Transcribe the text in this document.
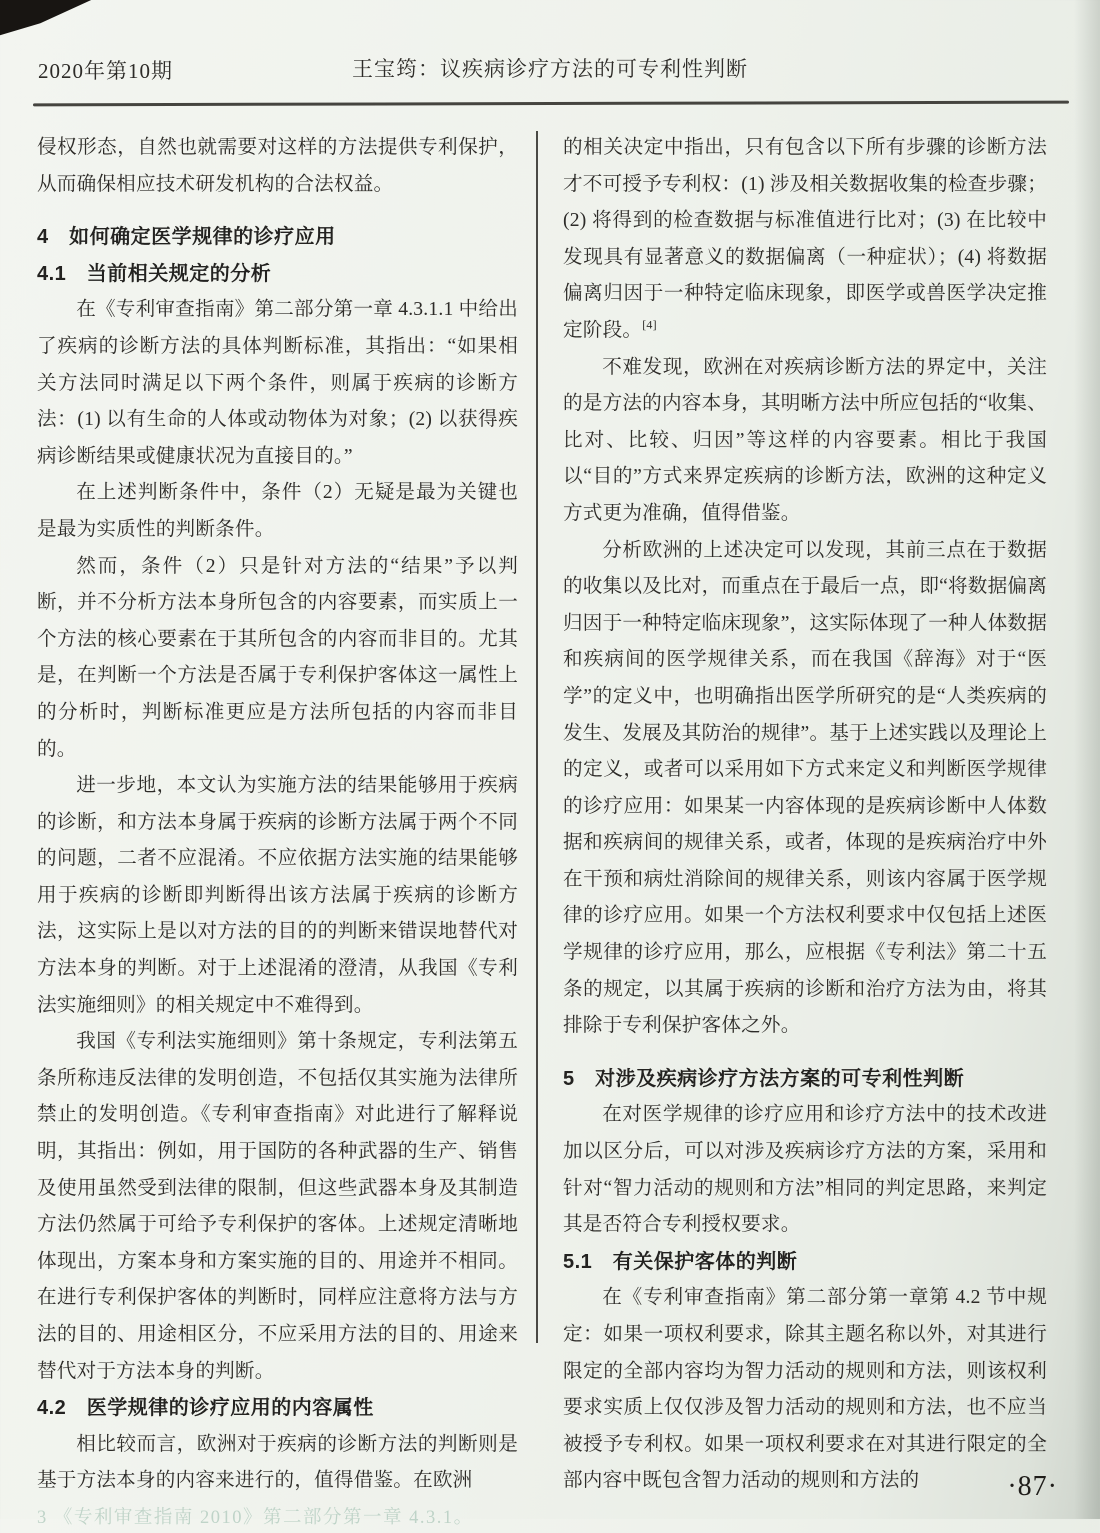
2020年第10期	王宝筠：议疾病诊疗方法的可专利性判断

侵权形态，自然也就需要对这样的方法提供专利保护，从而确保相应技术研发机构的合法权益。

4　如何确定医学规律的诊疗应用

4.1　当前相关规定的分析

在《专利审查指南》第二部分第一章 4.3.1.1 中给出了疾病的诊断方法的具体判断标准，其指出：“如果相关方法同时满足以下两个条件，则属于疾病的诊断方法：(1) 以有生命的人体或动物体为对象；(2) 以获得疾病诊断结果或健康状况为直接目的。”

在上述判断条件中，条件（2）无疑是最为关键也是最为实质性的判断条件。

然而，条件（2）只是针对方法的“结果”予以判断，并不分析方法本身所包含的内容要素，而实质上一个方法的核心要素在于其所包含的内容而非目的。尤其是，在判断一个方法是否属于专利保护客体这一属性上的分析时，判断标准更应是方法所包括的内容而非目的。

进一步地，本文认为实施方法的结果能够用于疾病的诊断，和方法本身属于疾病的诊断方法属于两个不同的问题，二者不应混淆。不应依据方法实施的结果能够用于疾病的诊断即判断得出该方法属于疾病的诊断方法，这实际上是以对方法的目的的判断来错误地替代对方法本身的判断。对于上述混淆的澄清，从我国《专利法实施细则》的相关规定中不难得到。

我国《专利法实施细则》第十条规定，专利法第五条所称违反法律的发明创造，不包括仅其实施为法律所禁止的发明创造。《专利审查指南》对此进行了解释说明，其指出：例如，用于国防的各种武器的生产、销售及使用虽然受到法律的限制，但这些武器本身及其制造方法仍然属于可给予专利保护的客体。上述规定清晰地体现出，方案本身和方案实施的目的、用途并不相同。在进行专利保护客体的判断时，同样应注意将方法与方法的目的、用途相区分，不应采用方法的目的、用途来替代对于方法本身的判断。

4.2　医学规律的诊疗应用的内容属性

相比较而言，欧洲对于疾病的诊断方法的判断则是基于方法本身的内容来进行的，值得借鉴。在欧洲

3 《专利审查指南 2010》第二部分第一章 4.3.1。

的相关决定中指出，只有包含以下所有步骤的诊断方法才不可授予专利权：(1) 涉及相关数据收集的检查步骤；(2) 将得到的检查数据与标准值进行比对；(3) 在比较中发现具有显著意义的数据偏离（一种症状）；(4) 将数据偏离归因于一种特定临床现象，即医学或兽医学决定推定阶段。[4]

不难发现，欧洲在对疾病诊断方法的界定中，关注的是方法的内容本身，其明晰方法中所应包括的“收集、比对、比较、归因”等这样的内容要素。相比于我国以“目的”方式来界定疾病的诊断方法，欧洲的这种定义方式更为准确，值得借鉴。

分析欧洲的上述决定可以发现，其前三点在于数据的收集以及比对，而重点在于最后一点，即“将数据偏离归因于一种特定临床现象”，这实际体现了一种人体数据和疾病间的医学规律关系，而在我国《辞海》对于“医学”的定义中，也明确指出医学所研究的是“人类疾病的发生、发展及其防治的规律”。基于上述实践以及理论上的定义，或者可以采用如下方式来定义和判断医学规律的诊疗应用：如果某一内容体现的是疾病诊断中人体数据和疾病间的规律关系，或者，体现的是疾病治疗中外在干预和病灶消除间的规律关系，则该内容属于医学规律的诊疗应用。如果一个方法权利要求中仅包括上述医学规律的诊疗应用，那么，应根据《专利法》第二十五条的规定，以其属于疾病的诊断和治疗方法为由，将其排除于专利保护客体之外。

5　对涉及疾病诊疗方法方案的可专利性判断

在对医学规律的诊疗应用和诊疗方法中的技术改进加以区分后，可以对涉及疾病诊疗方法的方案，采用和针对“智力活动的规则和方法”相同的判定思路，来判定其是否符合专利授权要求。

5.1　有关保护客体的判断

在《专利审查指南》第二部分第一章第 4.2 节中规定：如果一项权利要求，除其主题名称以外，对其进行限定的全部内容均为智力活动的规则和方法，则该权利要求实质上仅仅涉及智力活动的规则和方法，也不应当被授予专利权。如果一项权利要求在对其进行限定的全部内容中既包含智力活动的规则和方法的	·87·
